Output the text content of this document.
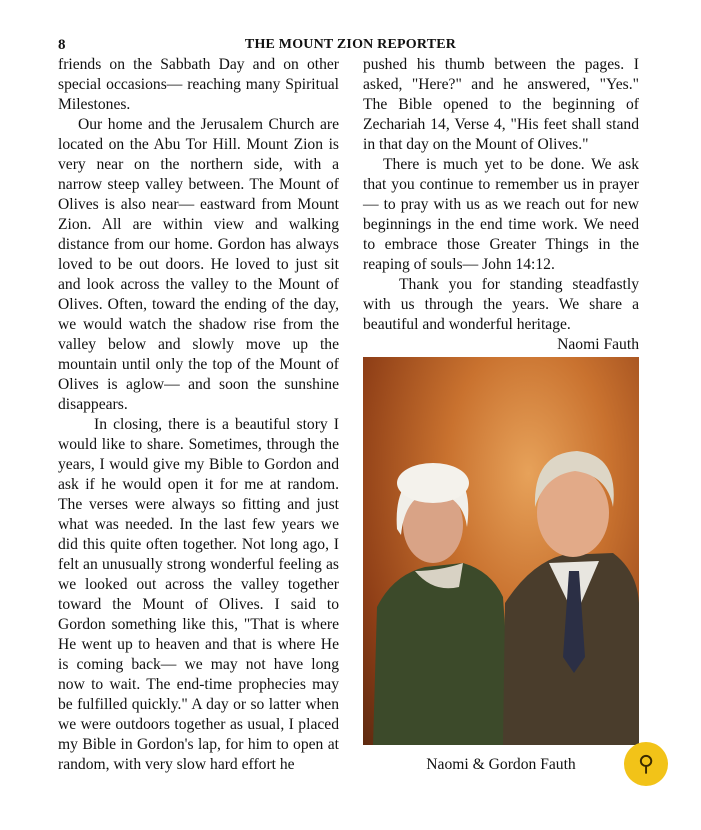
8	THE MOUNT ZION REPORTER

friends on the Sabbath Day and on other special occasions— reaching many Spiritual Milestones.

Our home and the Jerusalem Church are located on the Abu Tor Hill. Mount Zion is very near on the northern side, with a narrow steep valley between. The Mount of Olives is also near— eastward from Mount Zion. All are within view and walking distance from our home. Gordon has always loved to be out doors. He loved to just sit and look across the valley to the Mount of Olives. Often, toward the ending of the day, we would watch the shadow rise from the valley below and slowly move up the mountain until only the top of the Mount of Olives is aglow— and soon the sunshine disappears.

In closing, there is a beautiful story I would like to share. Sometimes, through the years, I would give my Bible to Gordon and ask if he would open it for me at random. The verses were always so fitting and just what was needed. In the last few years we did this quite often together. Not long ago, I felt an unusually strong wonderful feeling as we looked out across the valley together toward the Mount of Olives. I said to Gordon something like this, "That is where He went up to heaven and that is where He is coming back— we may not have long now to wait. The end-time prophecies may be fulfilled quickly." A day or so latter when we were outdoors together as usual, I placed my Bible in Gordon's lap, for him to open at random, with very slow hard effort he

pushed his thumb between the pages. I asked, "Here?" and he answered, "Yes." The Bible opened to the beginning of Zechariah 14, Verse 4, "His feet shall stand in that day on the Mount of Olives."

There is much yet to be done. We ask that you continue to remember us in prayer— to pray with us as we reach out for new beginnings in the end time work. We need to embrace those Greater Things in the reaping of souls— John 14:12.

Thank you for standing steadfastly with us through the years. We share a beautiful and wonderful heritage.

Naomi Fauth

Naomi & Gordon Fauth	⚲
